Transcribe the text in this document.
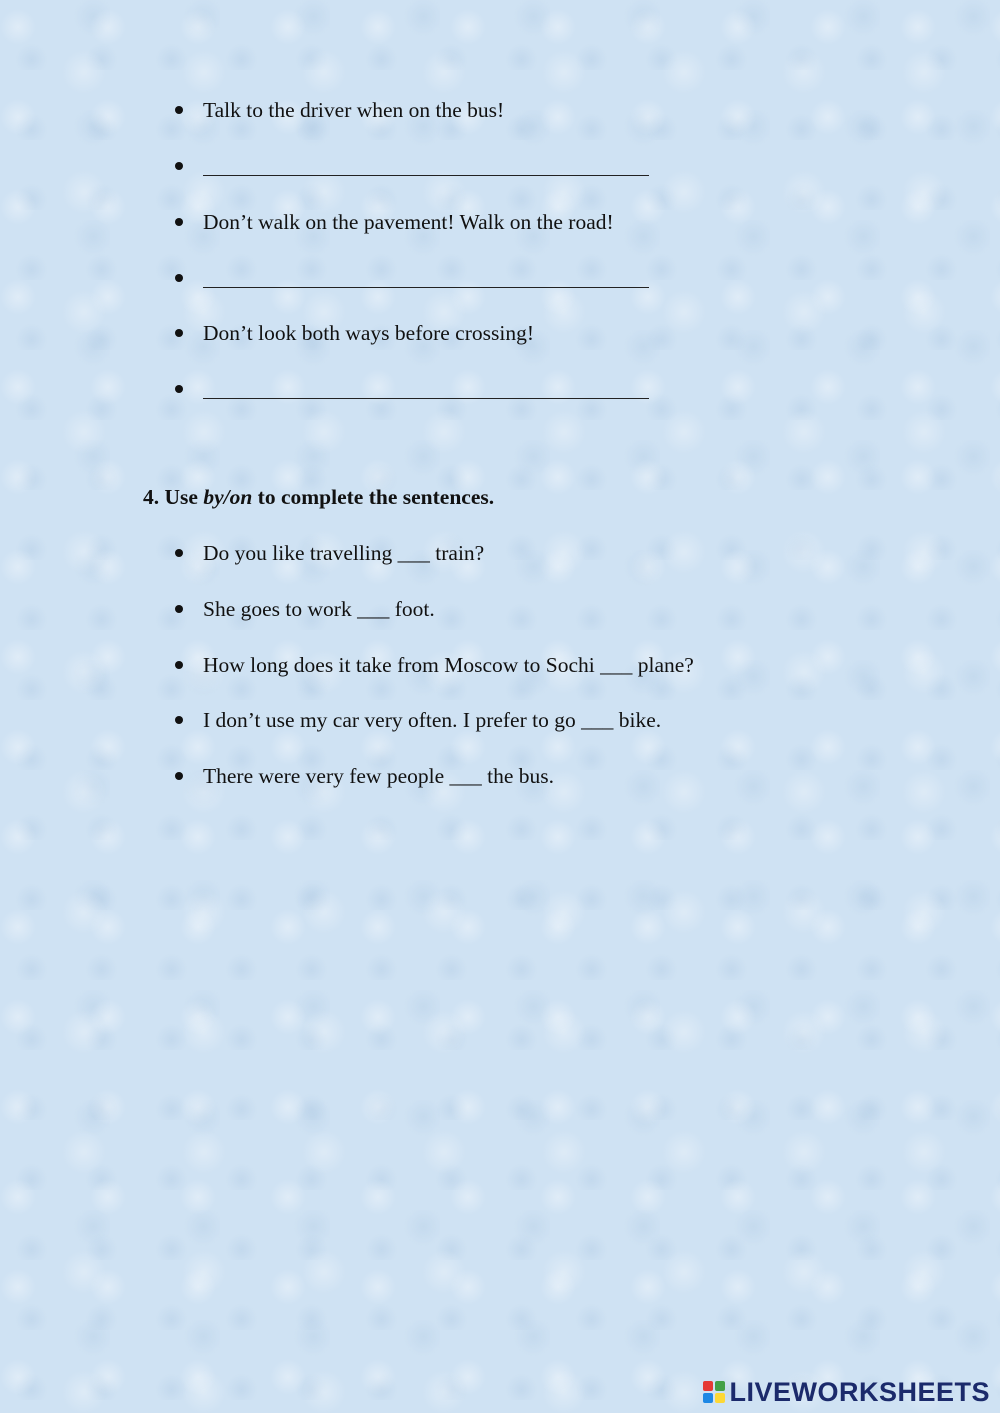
Talk to the driver when on the bus!
Don’t walk on the pavement! Walk on the road!
Don’t look both ways before crossing!
4. Use by/on to complete the sentences.
Do you like travelling ___ train?
She goes to work ___ foot.
How long does it take from Moscow to Sochi ___ plane?
I don’t use my car very often. I prefer to go ___ bike.
There were very few people ___ the bus.
LIVEWORKSHEETS
